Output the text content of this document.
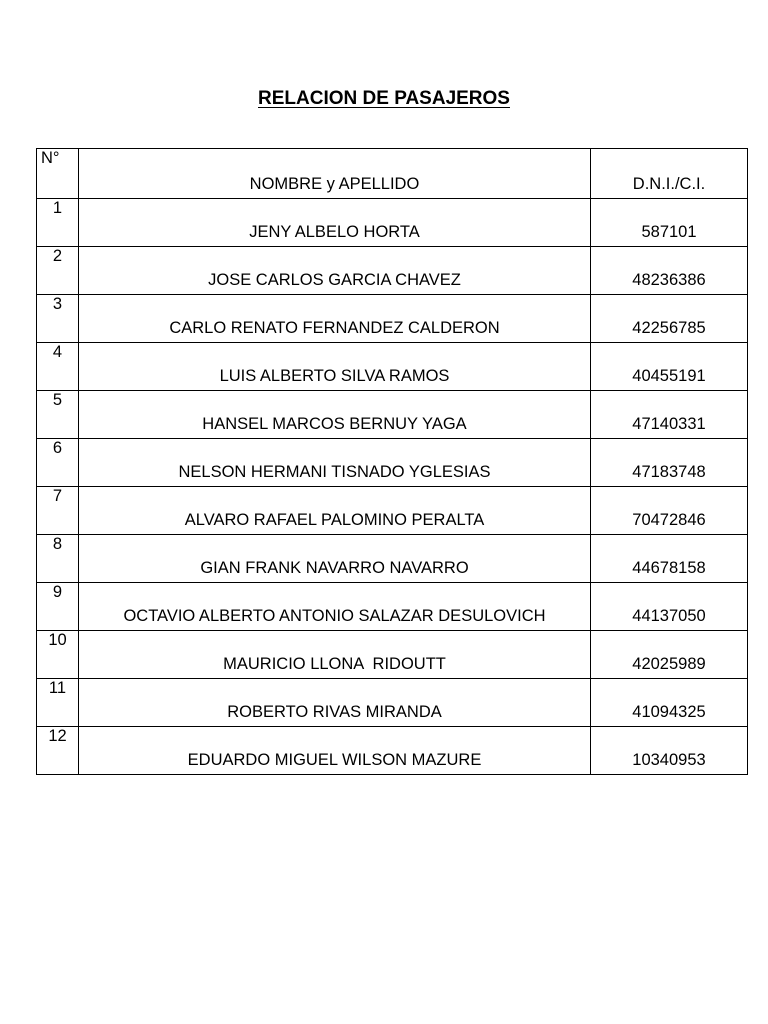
RELACION DE PASAJEROS
N°	NOMBRE y APELLIDO	D.N.I./C.I.
1	JENY ALBELO HORTA	587101
2	JOSE CARLOS GARCIA CHAVEZ	48236386
3	CARLO RENATO FERNANDEZ CALDERON	42256785
4	LUIS ALBERTO SILVA RAMOS	40455191
5	HANSEL MARCOS BERNUY YAGA	47140331
6	NELSON HERMANI TISNADO YGLESIAS	47183748
7	ALVARO RAFAEL PALOMINO PERALTA	70472846
8	GIAN FRANK NAVARRO NAVARRO	44678158
9	OCTAVIO ALBERTO ANTONIO SALAZAR DESULOVICH	44137050
10	MAURICIO LLONA  RIDOUTT	42025989
11	ROBERTO RIVAS MIRANDA	41094325
12	EDUARDO MIGUEL WILSON MAZURE	10340953
